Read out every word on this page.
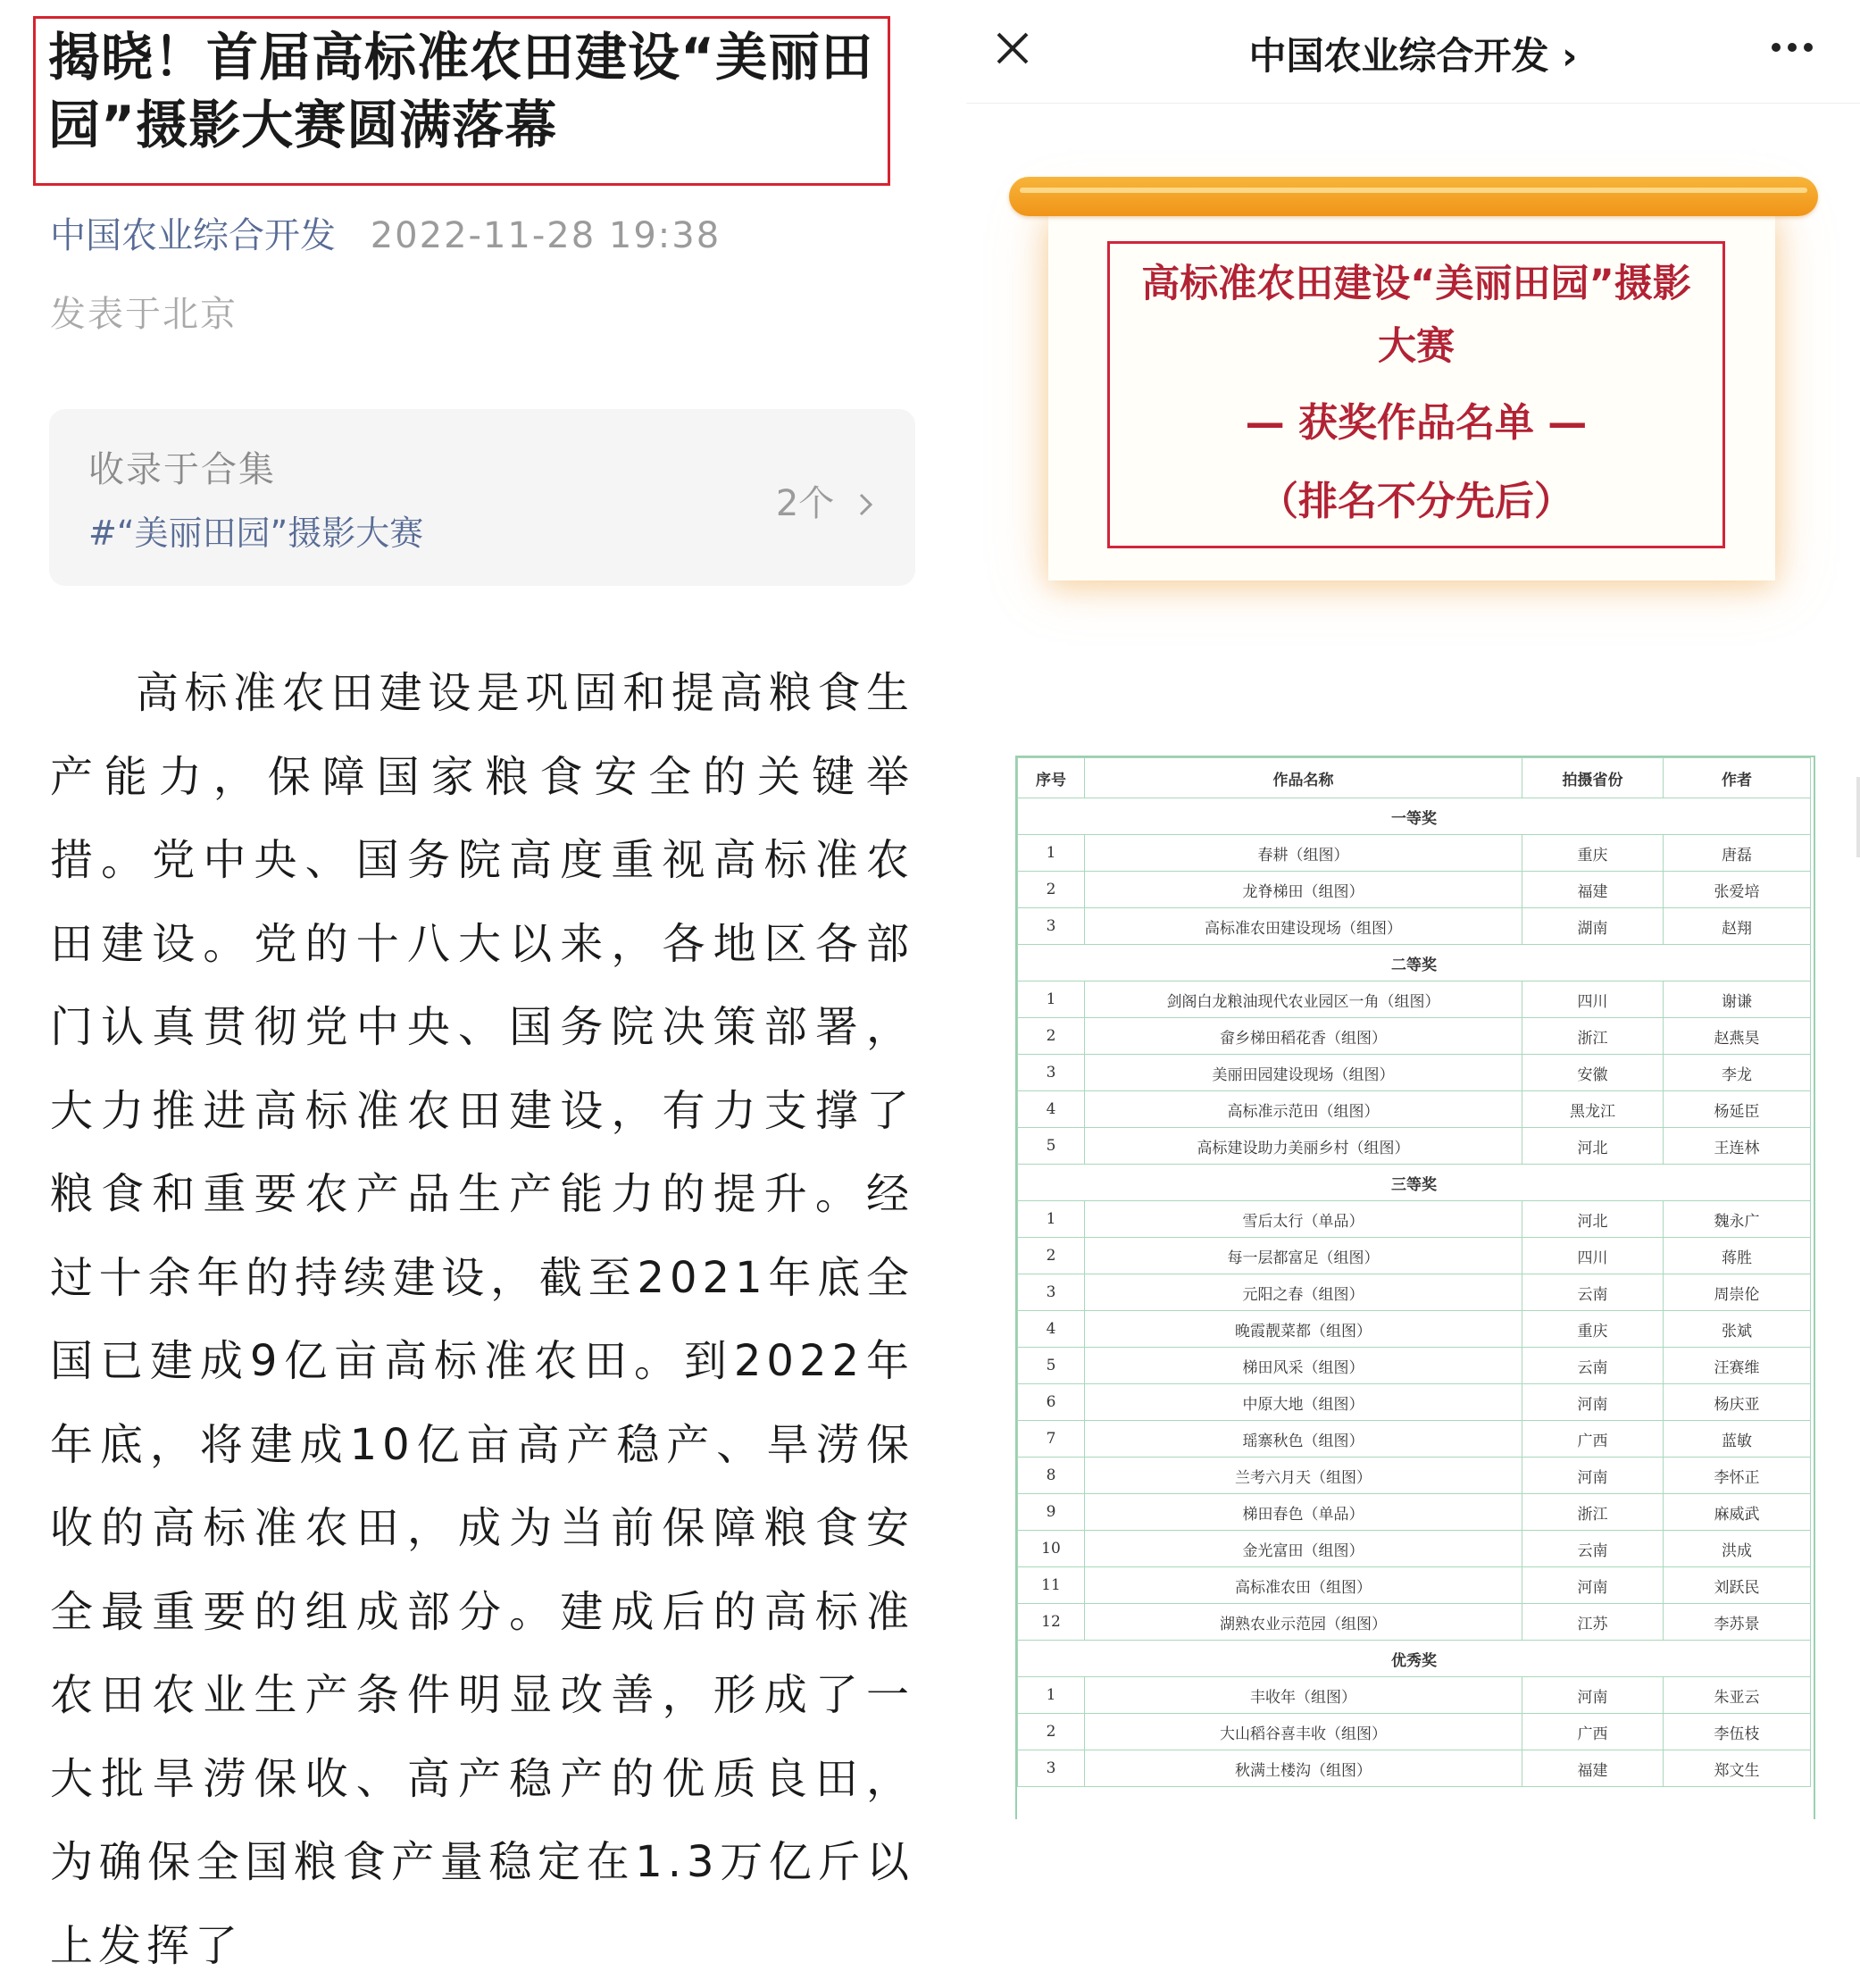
揭晓！首届高标准农田建设“美丽田园”摄影大赛圆满落幕
中国农业综合开发 2022-11-28 19:38
发表于北京
收录于合集
#“美丽田园”摄影大赛
2个
高标准农田建设是巩固和提高粮食生产能力，保障国家粮食安全的关键举措。党中央、国务院高度重视高标准农田建设。党的十八大以来，各地区各部门认真贯彻党中央、国务院决策部署，大力推进高标准农田建设，有力支撑了粮食和重要农产品生产能力的提升。经过十余年的持续建设，截至2021年底全国已建成9亿亩高标准农田。到2022年年底，将建成10亿亩高产稳产、旱涝保收的高标准农田，成为当前保障粮食安全最重要的组成部分。建成后的高标准农田农业生产条件明显改善，形成了一大批旱涝保收、高产稳产的优质良田，为确保全国粮食产量稳定在1.3万亿斤以上发挥了
中国农业综合开发 ›
高标准农田建设“美丽田园”摄影大赛
— 获奖作品名单 —
（排名不分先后）
序号	作品名称	拍摄省份	作者
一等奖			
1	春耕（组图）	重庆	唐磊
2	龙脊梯田（组图）	福建	张爱培
3	高标准农田建设现场（组图）	湖南	赵翔
二等奖			
1	剑阁白龙粮油现代农业园区一角（组图）	四川	谢谦
2	畲乡梯田稻花香（组图）	浙江	赵燕昊
3	美丽田园建设现场（组图）	安徽	李龙
4	高标准示范田（组图）	黑龙江	杨延臣
5	高标建设助力美丽乡村（组图）	河北	王连林
三等奖			
1	雪后太行（单品）	河北	魏永广
2	每一层都富足（组图）	四川	蒋胜
3	元阳之春（组图）	云南	周崇伦
4	晚霞靓菜都（组图）	重庆	张斌
5	梯田风采（组图）	云南	汪赛维
6	中原大地（组图）	河南	杨庆亚
7	瑶寨秋色（组图）	广西	蓝敏
8	兰考六月天（组图）	河南	李怀正
9	梯田春色（单品）	浙江	麻威武
10	金光富田（组图）	云南	洪成
11	高标准农田（组图）	河南	刘跃民
12	湖熟农业示范园（组图）	江苏	李苏景
优秀奖			
1	丰收年（组图）	河南	朱亚云
2	大山稻谷喜丰收（组图）	广西	李伍枝
3	秋满土楼沟（组图）	福建	郑文生
